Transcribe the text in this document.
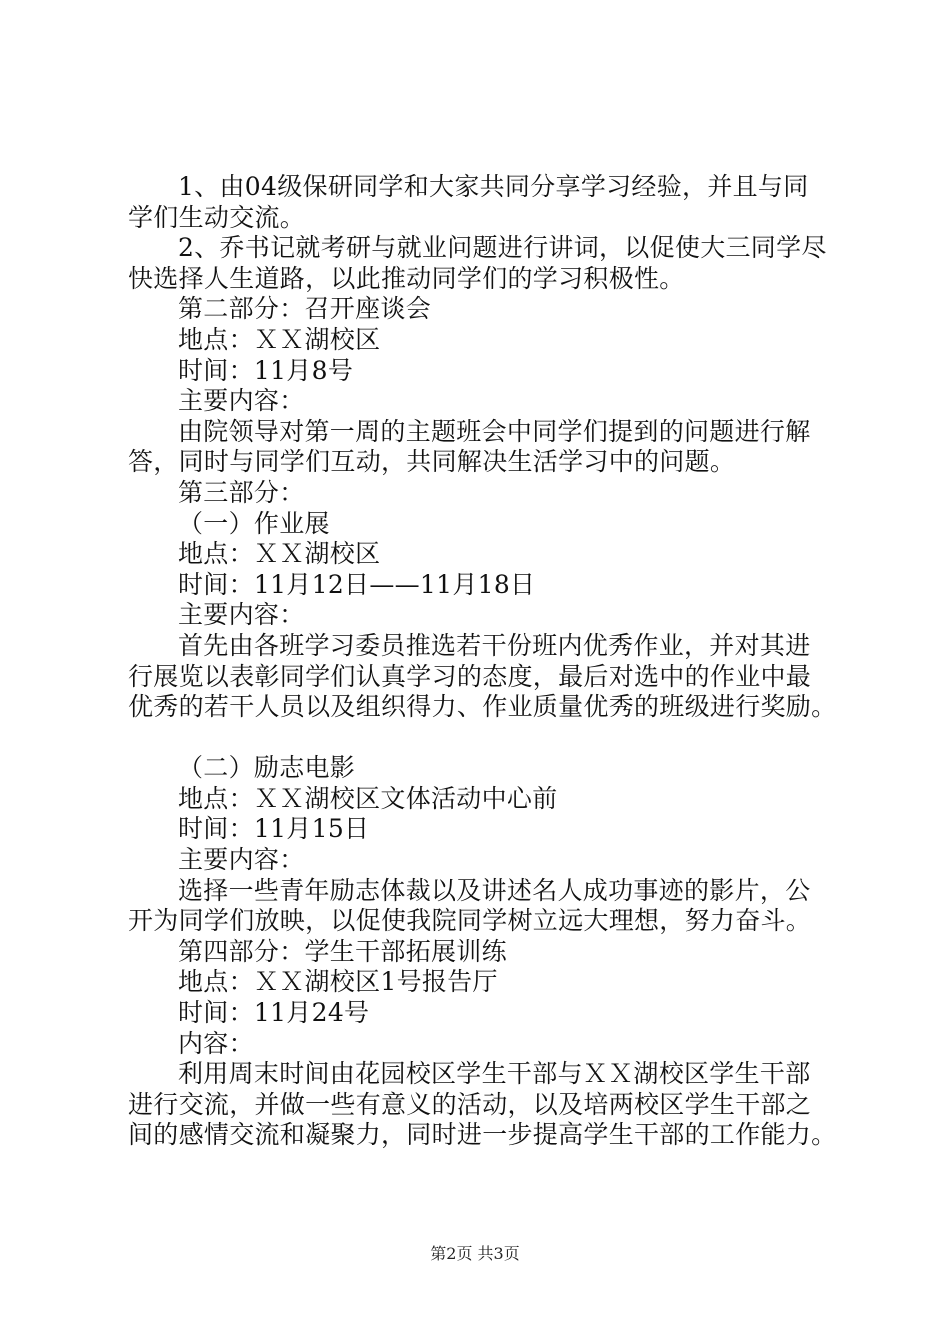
1、由04级保研同学和大家共同分享学习经验，并且与同
学们生动交流。
2、乔书记就考研与就业问题进行讲词，以促使大三同学尽
快选择人生道路，以此推动同学们的学习积极性。
第二部分：召开座谈会
地点：ＸＸ湖校区
时间：11月8号
主要内容：
由院领导对第一周的主题班会中同学们提到的问题进行解
答，同时与同学们互动，共同解决生活学习中的问题。
第三部分：
（一）作业展
地点：ＸＸ湖校区
时间：11月12日——11月18日
主要内容：
首先由各班学习委员推选若干份班内优秀作业，并对其进
行展览以表彰同学们认真学习的态度，最后对选中的作业中最
优秀的若干人员以及组织得力、作业质量优秀的班级进行奖励。
（二）励志电影
地点：ＸＸ湖校区文体活动中心前
时间：11月15日
主要内容：
选择一些青年励志体裁以及讲述名人成功事迹的影片，公
开为同学们放映，以促使我院同学树立远大理想，努力奋斗。
第四部分：学生干部拓展训练
地点：ＸＸ湖校区1号报告厅
时间：11月24号
内容：
利用周末时间由花园校区学生干部与ＸＸ湖校区学生干部
进行交流，并做一些有意义的活动，以及培两校区学生干部之
间的感情交流和凝聚力，同时进一步提高学生干部的工作能力。
第2页 共3页
